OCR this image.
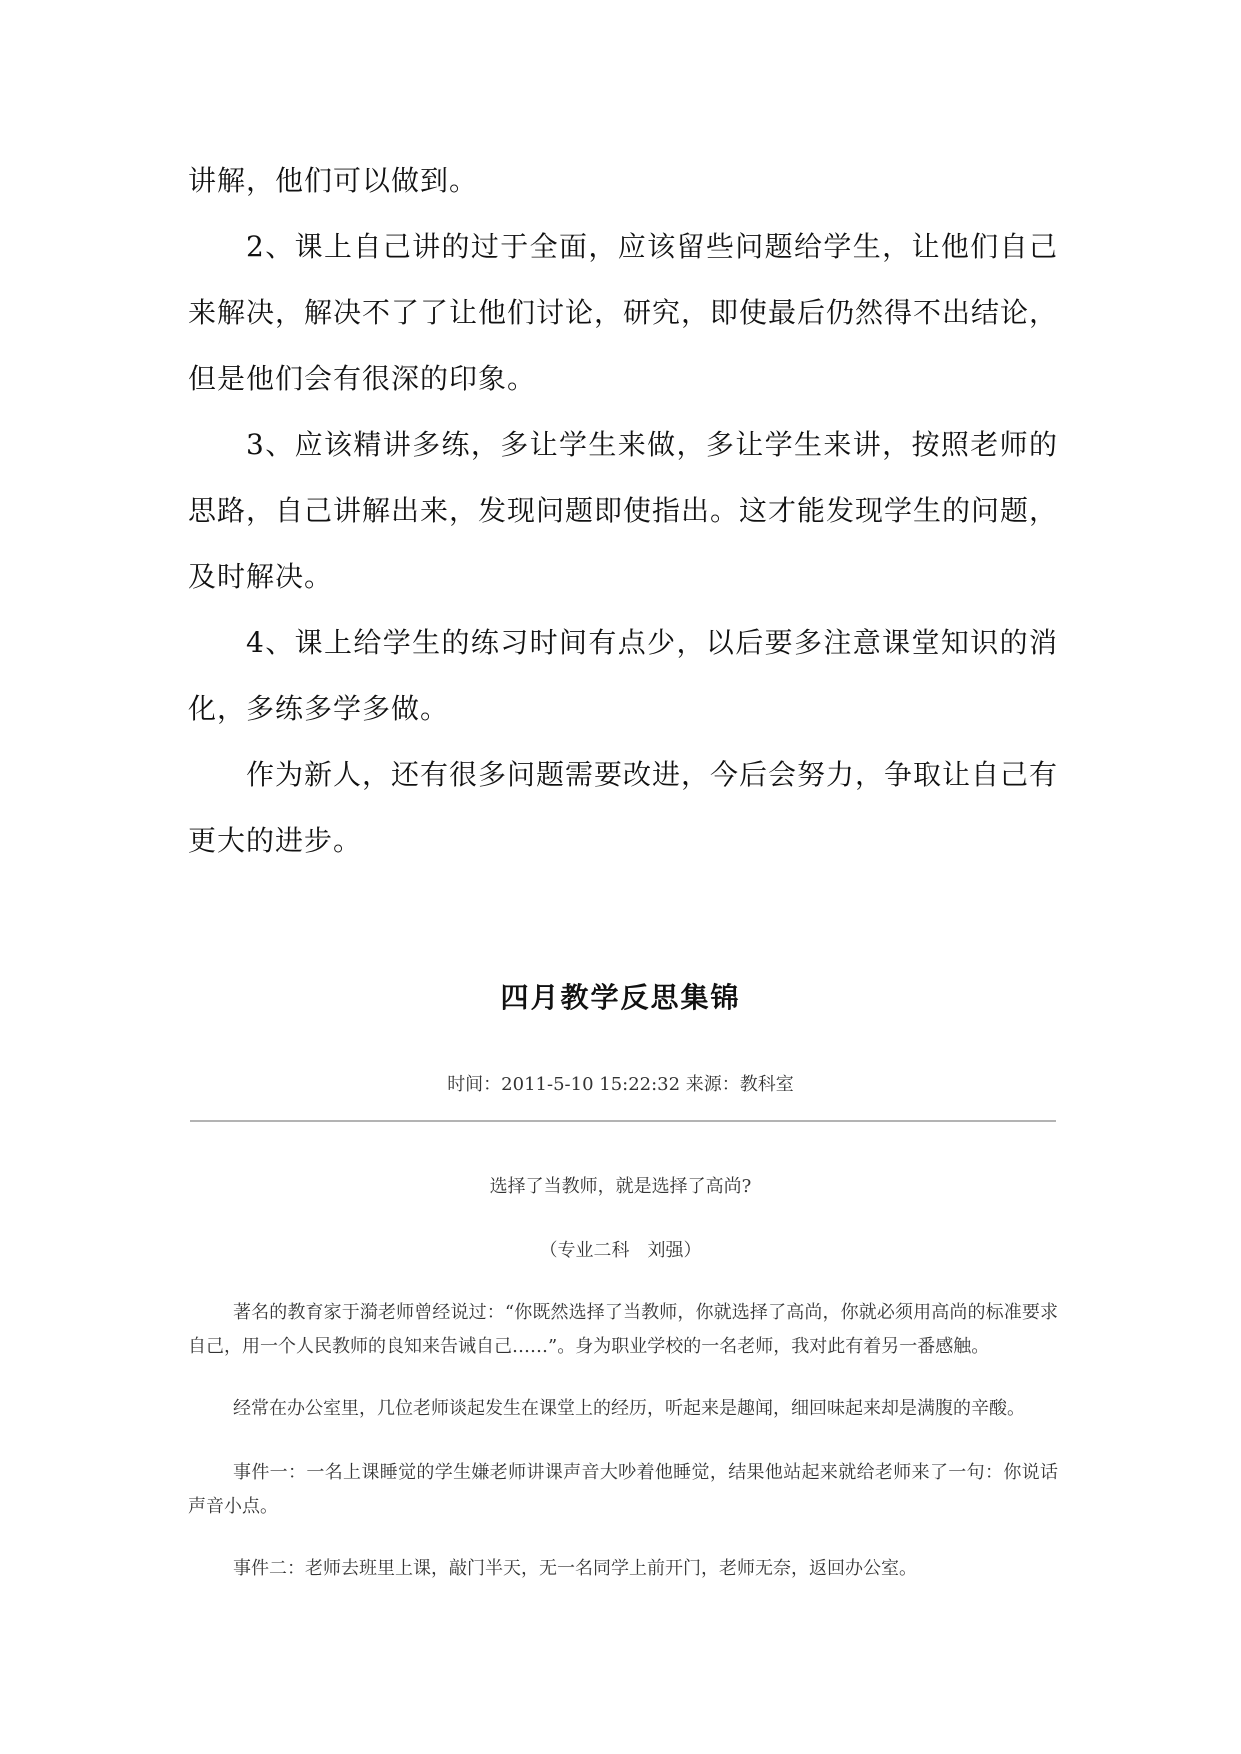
讲解，他们可以做到。

2、课上自己讲的过于全面，应该留些问题给学生，让他们自己来解决，解决不了了让他们讨论，研究，即使最后仍然得不出结论，但是他们会有很深的印象。

3、应该精讲多练，多让学生来做，多让学生来讲，按照老师的思路，自己讲解出来，发现问题即使指出。这才能发现学生的问题，及时解决。

4、课上给学生的练习时间有点少，以后要多注意课堂知识的消化，多练多学多做。

作为新人，还有很多问题需要改进，今后会努力，争取让自己有更大的进步。

四月教学反思集锦

时间：2011-5-10 15:22:32 来源：教科室

选择了当教师，就是选择了高尚?

（专业二科　刘强）

著名的教育家于漪老师曾经说过：“你既然选择了当教师，你就选择了高尚，你就必须用高尚的标准要求自己，用一个人民教师的良知来告诫自己……”。身为职业学校的一名老师，我对此有着另一番感触。

经常在办公室里，几位老师谈起发生在课堂上的经历，听起来是趣闻，细回味起来却是满腹的辛酸。

事件一：一名上课睡觉的学生嫌老师讲课声音大吵着他睡觉，结果他站起来就给老师来了一句：你说话声音小点。

事件二：老师去班里上课，敲门半天，无一名同学上前开门，老师无奈，返回办公室。
